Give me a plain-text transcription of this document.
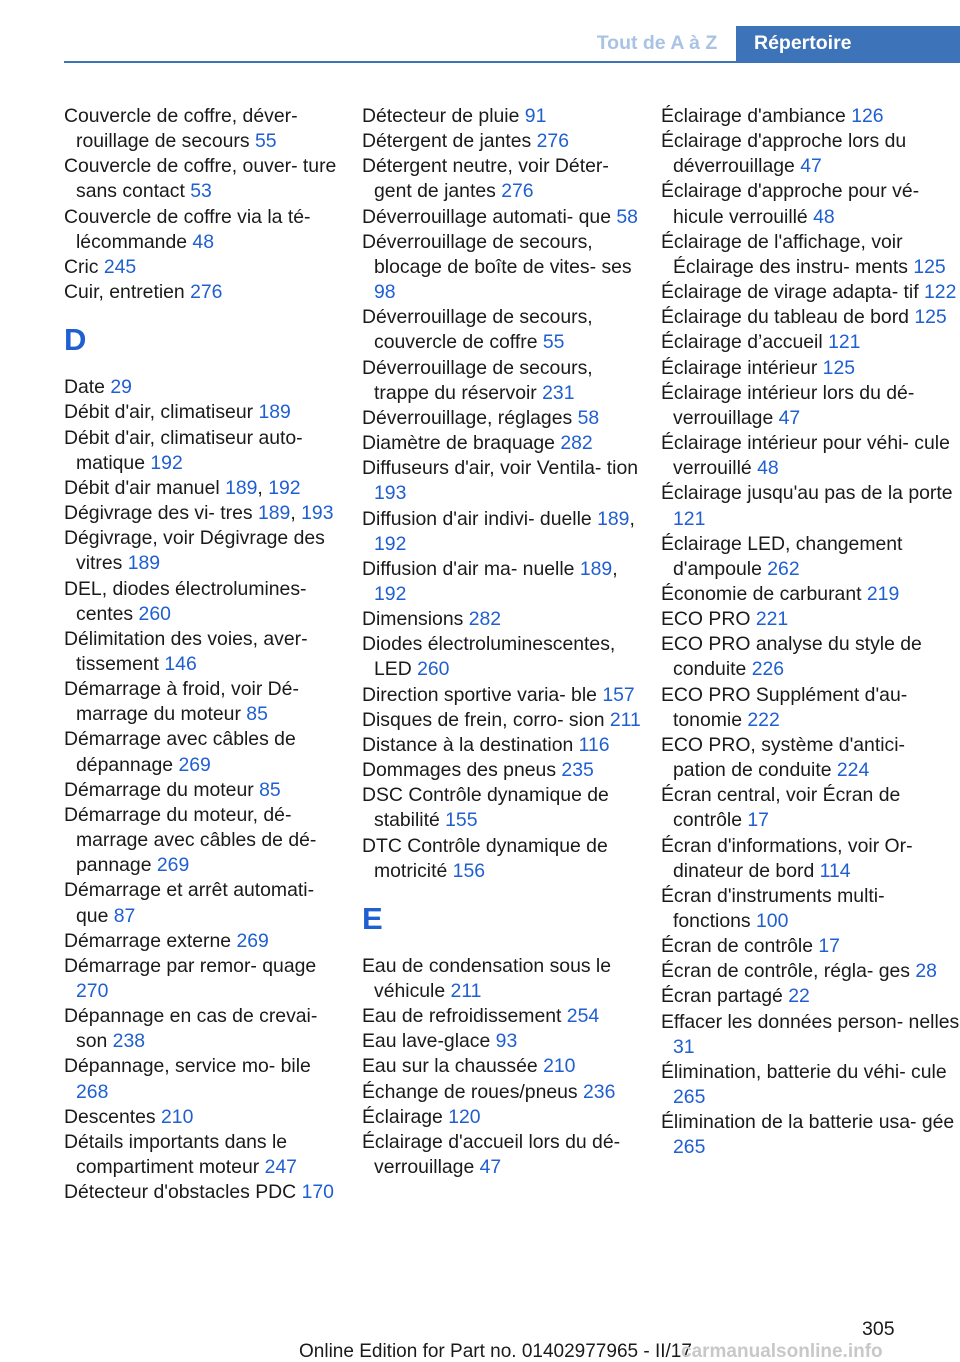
Tout de A à Z	Répertoire
Couvercle de coffre, déver‐ rouillage de secours 55
Couvercle de coffre, ouver‐ ture sans contact 53
Couvercle de coffre via la té‐ lécommande 48
Cric 245
Cuir, entretien 276
D
Date 29
Débit d'air, climatiseur 189
Débit d'air, climatiseur auto‐ matique 192
Débit d'air manuel 189, 192
Dégivrage des vi‐ tres 189, 193
Dégivrage, voir Dégivrage des vitres 189
DEL, diodes électrolumines‐ centes 260
Délimitation des voies, aver‐ tissement 146
Démarrage à froid, voir Dé‐ marrage du moteur 85
Démarrage avec câbles de dépannage 269
Démarrage du moteur 85
Démarrage du moteur, dé‐ marrage avec câbles de dé‐ pannage 269
Démarrage et arrêt automati‐ que 87
Démarrage externe 269
Démarrage par remor‐ quage 270
Dépannage en cas de crevai‐ son 238
Dépannage, service mo‐ bile 268
Descentes 210
Détails importants dans le compartiment moteur 247
Détecteur d'obstacles PDC 170
Détecteur de pluie 91
Détergent de jantes 276
Détergent neutre, voir Déter‐ gent de jantes 276
Déverrouillage automati‐ que 58
Déverrouillage de secours, blocage de boîte de vites‐ ses 98
Déverrouillage de secours, couvercle de coffre 55
Déverrouillage de secours, trappe du réservoir 231
Déverrouillage, réglages 58
Diamètre de braquage 282
Diffuseurs d'air, voir Ventila‐ tion 193
Diffusion d'air indivi‐ duelle 189, 192
Diffusion d'air ma‐ nuelle 189, 192
Dimensions 282
Diodes électroluminescentes, LED 260
Direction sportive varia‐ ble 157
Disques de frein, corro‐ sion 211
Distance à la destination 116
Dommages des pneus 235
DSC Contrôle dynamique de stabilité 155
DTC Contrôle dynamique de motricité 156
E
Eau de condensation sous le véhicule 211
Eau de refroidissement 254
Eau lave-glace 93
Eau sur la chaussée 210
Échange de roues/pneus 236
Éclairage 120
Éclairage d'accueil lors du dé‐ verrouillage 47
Éclairage d'ambiance 126
Éclairage d'approche lors du déverrouillage 47
Éclairage d'approche pour vé‐ hicule verrouillé 48
Éclairage de l'affichage, voir Éclairage des instru‐ ments 125
Éclairage de virage adapta‐ tif 122
Éclairage du tableau de bord 125
Éclairage d’accueil 121
Éclairage intérieur 125
Éclairage intérieur lors du dé‐ verrouillage 47
Éclairage intérieur pour véhi‐ cule verrouillé 48
Éclairage jusqu'au pas de la porte 121
Éclairage LED, changement d'ampoule 262
Économie de carburant 219
ECO PRO 221
ECO PRO analyse du style de conduite 226
ECO PRO Supplément d'au‐ tonomie 222
ECO PRO, système d'antici‐ pation de conduite 224
Écran central, voir Écran de contrôle 17
Écran d'informations, voir Or‐ dinateur de bord 114
Écran d'instruments multi‐ fonctions 100
Écran de contrôle 17
Écran de contrôle, régla‐ ges 28
Écran partagé 22
Effacer les données person‐ nelles 31
Élimination, batterie du véhi‐ cule 265
Élimination de la batterie usa‐ gée 265
305
Online Edition for Part no. 01402977965 - II/17
carmanualsonline.info
